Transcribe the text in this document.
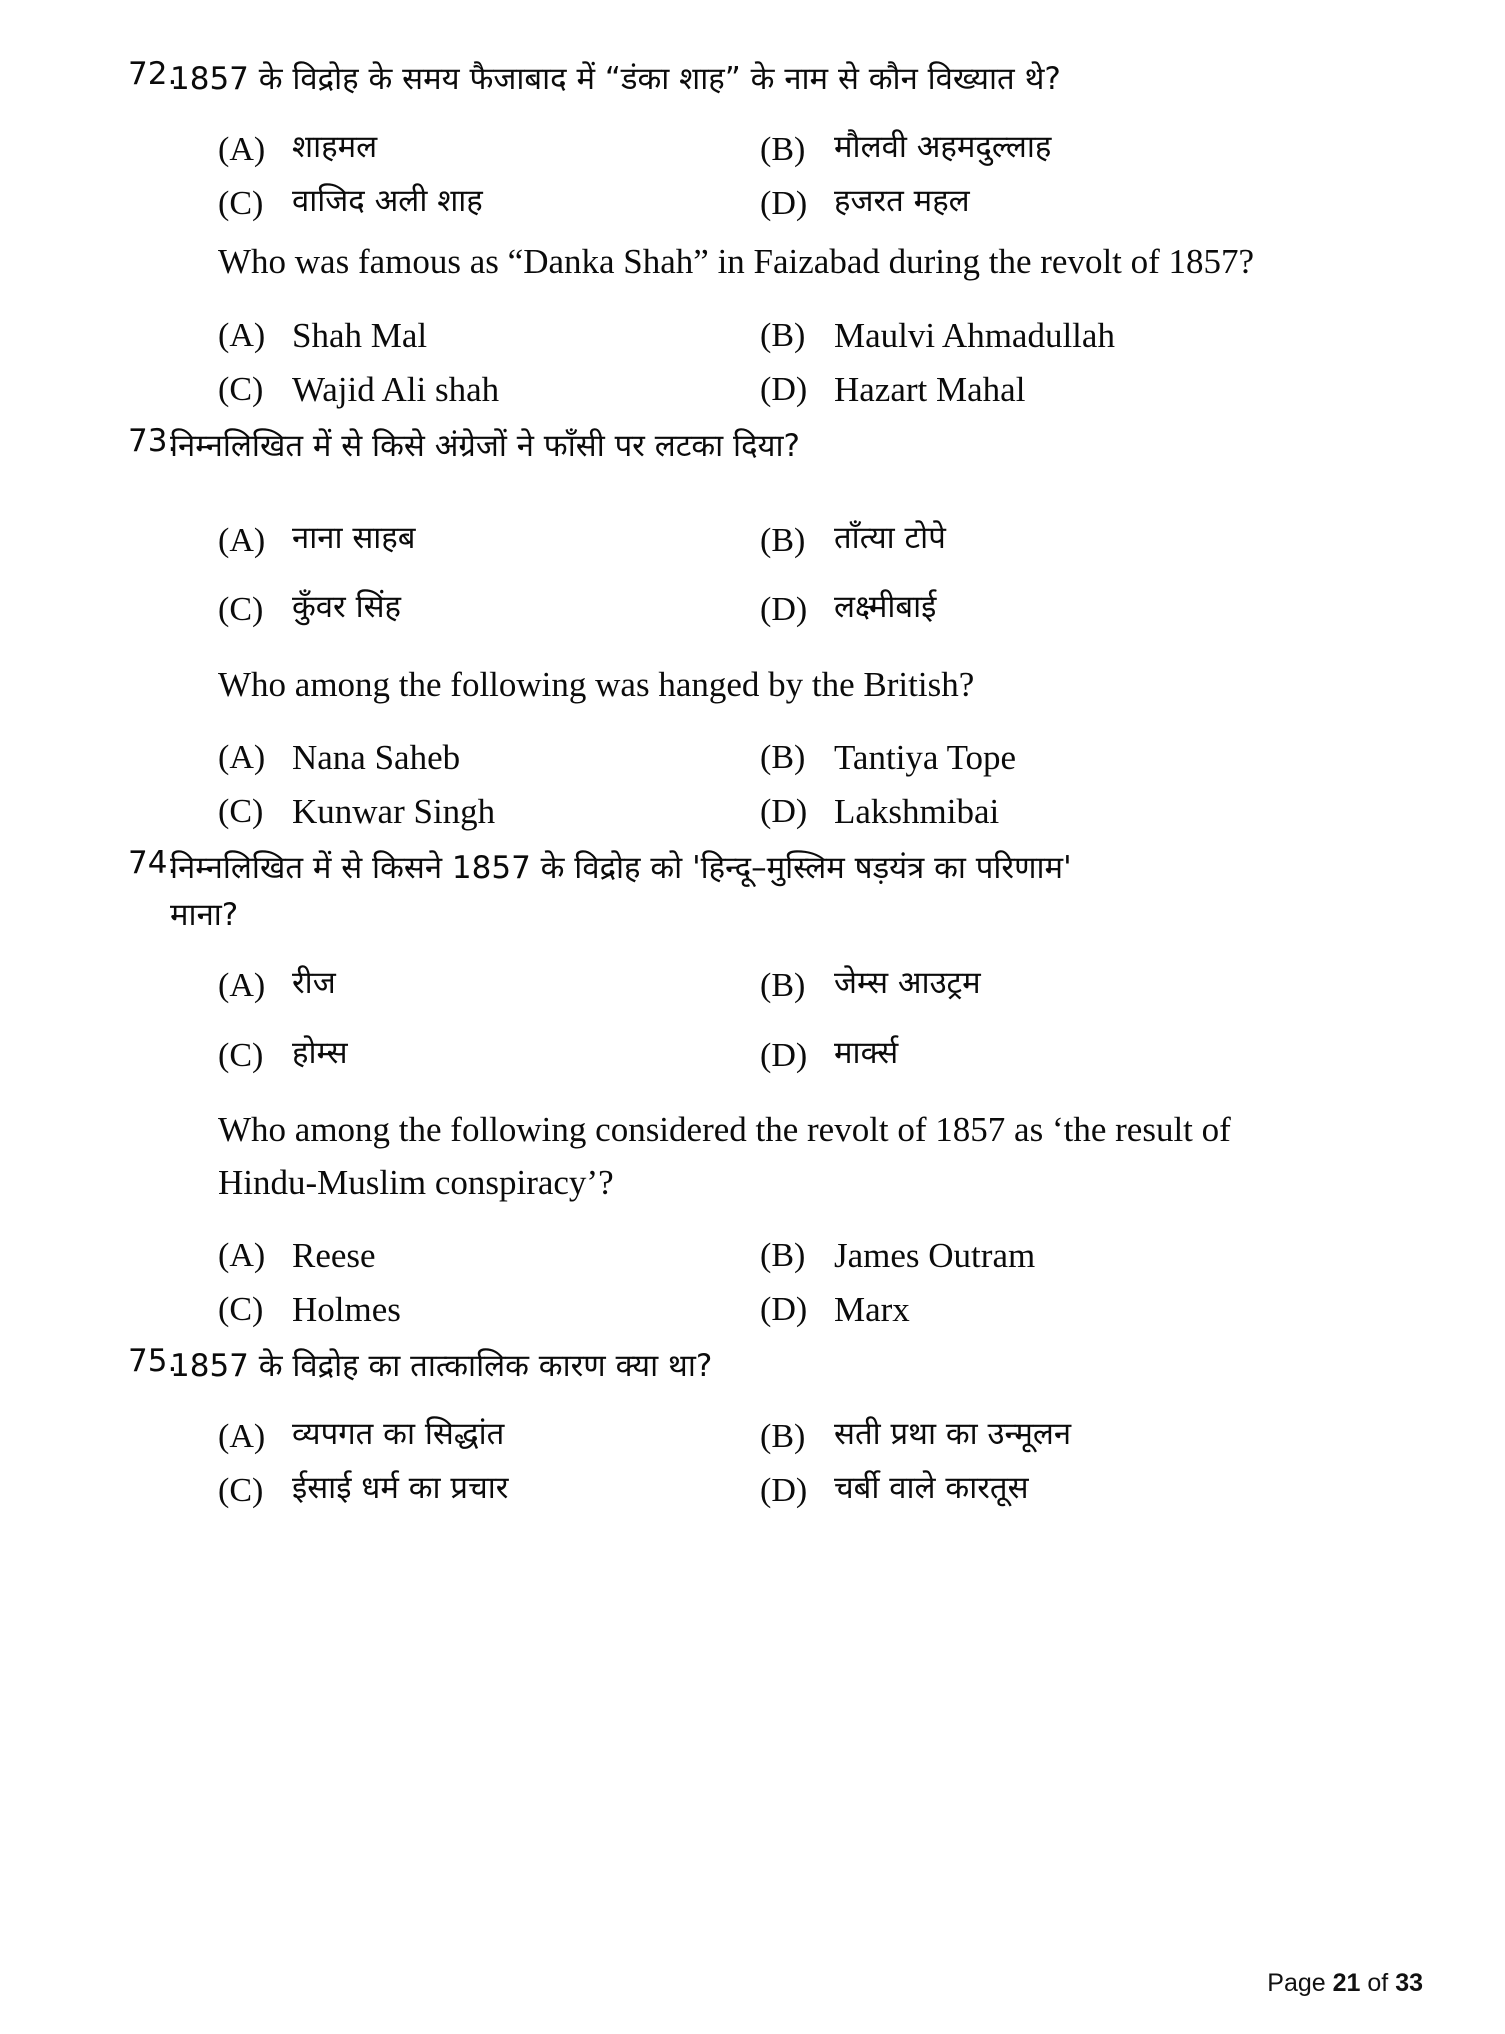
72.
1857 के विद्रोह के समय फैजाबाद में “डंका शाह” के नाम से कौन विख्यात थे?
(A) शाहमल	(B) मौलवी अहमदुल्लाह
(C) वाजिद अली शाह	(D) हजरत महल
Who was famous as “Danka Shah” in Faizabad during the revolt of 1857?
(A) Shah Mal	(B) Maulvi Ahmadullah
(C) Wajid Ali shah	(D) Hazart Mahal
73.
निम्नलिखित में से किसे अंग्रेजों ने फाँसी पर लटका दिया?
(A) नाना साहब	(B) तॉंत्या टोपे
(C) कुँवर सिंह	(D) लक्ष्मीबाई
Who among the following was hanged by the British?
(A) Nana Saheb	(B) Tantiya Tope
(C) Kunwar Singh	(D) Lakshmibai
74.
निम्नलिखित में से किसने 1857 के विद्रोह को 'हिन्दू–मुस्लिम षड़यंत्र का परिणाम'
माना?
(A) रीज	(B) जेम्स आउट्रम
(C) होम्स	(D) मार्क्स
Who among the following considered the revolt of 1857 as ‘the result of
Hindu-Muslim conspiracy’?
(A) Reese	(B) James Outram
(C) Holmes	(D) Marx
75.
1857 के विद्रोह का तात्कालिक कारण क्या था?
(A) व्यपगत का सिद्धांत	(B) सती प्रथा का उन्मूलन
(C) ईसाई धर्म का प्रचार	(D) चर्बी वाले कारतूस
Page 21 of 33
